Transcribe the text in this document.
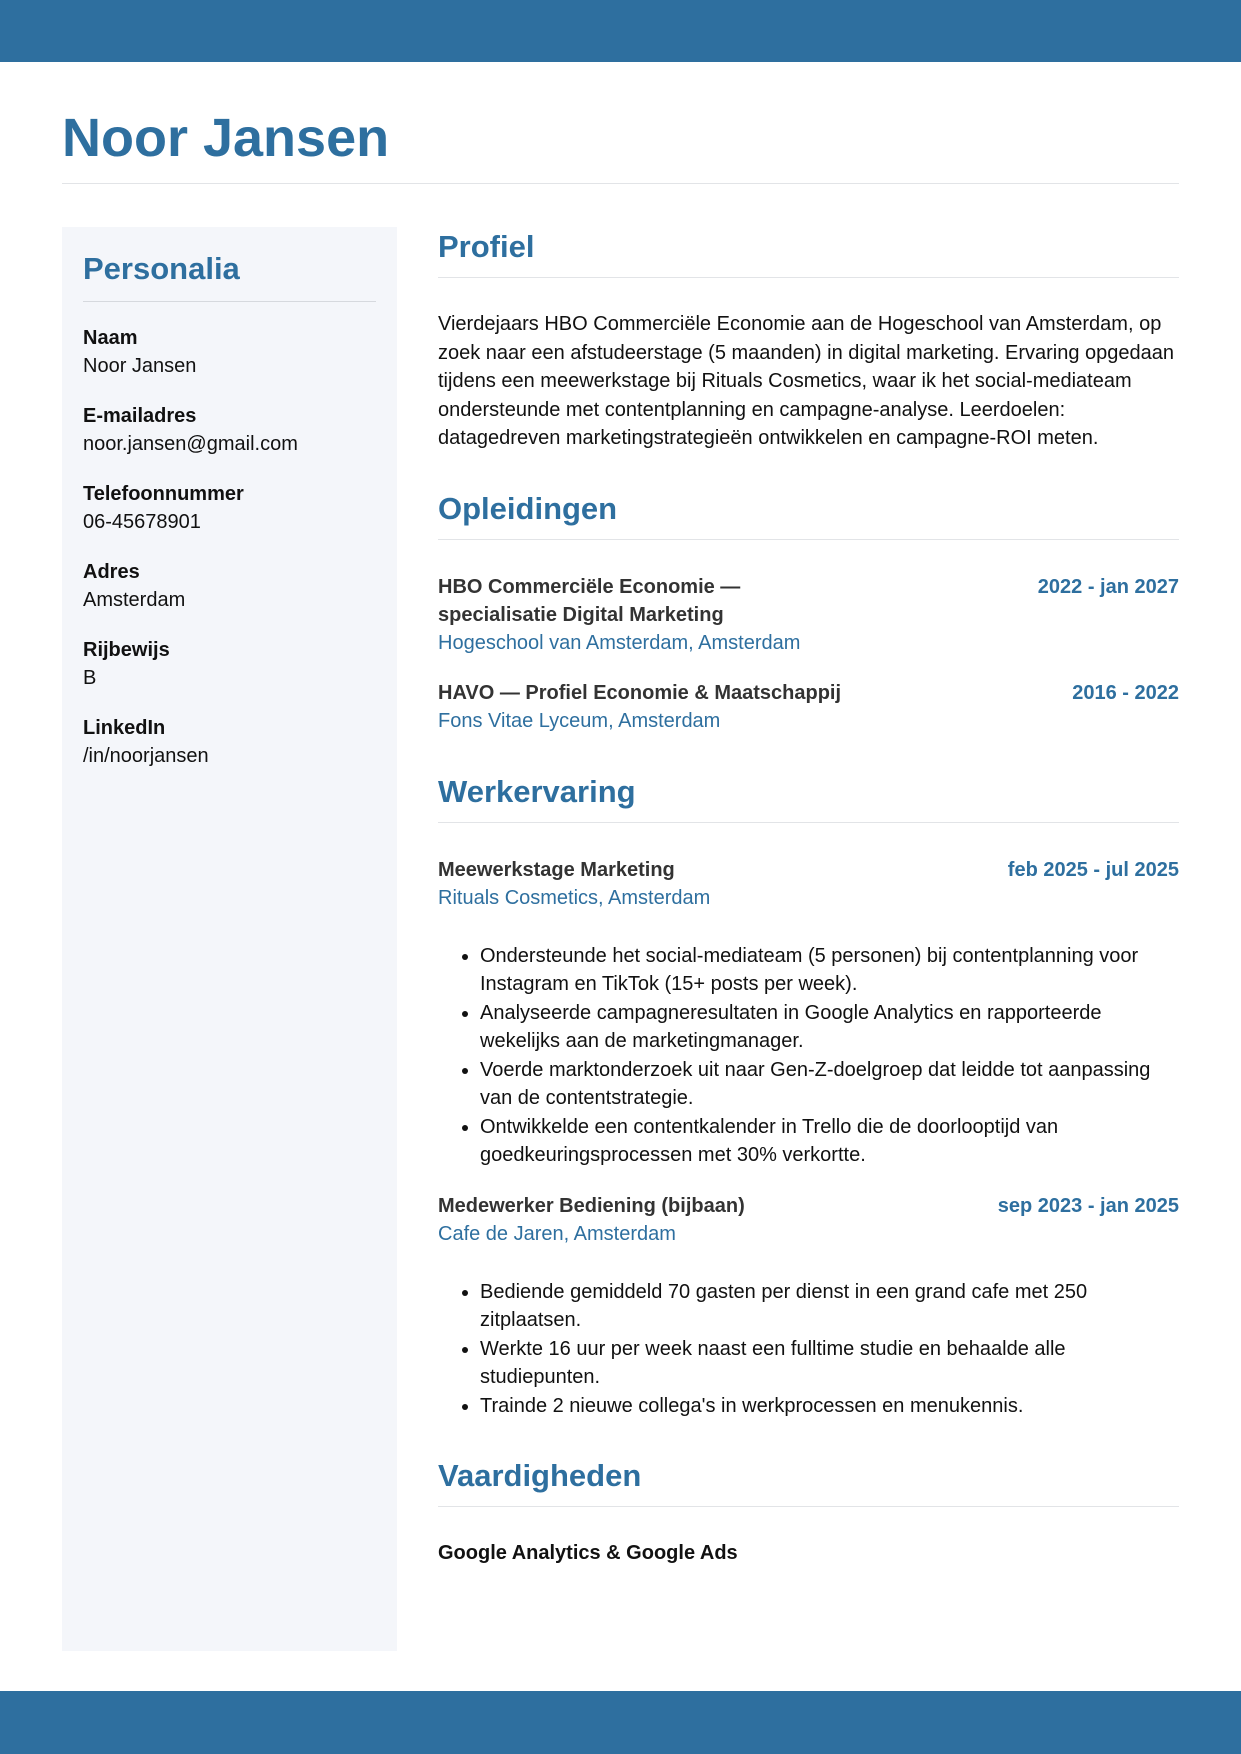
Noor Jansen
Personalia
Naam
Noor Jansen
E-mailadres
noor.jansen@gmail.com
Telefoonnummer
06-45678901
Adres
Amsterdam
Rijbewijs
B
LinkedIn
/in/noorjansen
Profiel

Vierdejaars HBO Commerciële Economie aan de Hogeschool van Amsterdam, op zoek naar een afstudeerstage (5 maanden) in digital marketing. Ervaring opgedaan tijdens een meewerkstage bij Rituals Cosmetics, waar ik het social-mediateam ondersteunde met contentplanning en campagne-analyse. Leerdoelen: datagedreven marketingstrategieën ontwikkelen en campagne-ROI meten.

Opleidingen
HBO Commerciële Economie — specialisatie Digital Marketing
2022 - jan 2027
Hogeschool van Amsterdam, Amsterdam
HAVO — Profiel Economie & Maatschappij	2016 - 2022
Fons Vitae Lyceum, Amsterdam
Werkervaring
Meewerkstage Marketing	feb 2025 - jul 2025
Rituals Cosmetics, Amsterdam
• Ondersteunde het social-mediateam (5 personen) bij contentplanning voor Instagram en TikTok (15+ posts per week).
• Analyseerde campagneresultaten in Google Analytics en rapporteerde wekelijks aan de marketingmanager.
• Voerde marktonderzoek uit naar Gen-Z-doelgroep dat leidde tot aanpassing van de contentstrategie.
• Ontwikkelde een contentkalender in Trello die de doorlooptijd van goedkeuringsprocessen met 30% verkortte.
Medewerker Bediening (bijbaan)	sep 2023 - jan 2025
Cafe de Jaren, Amsterdam
• Bediende gemiddeld 70 gasten per dienst in een grand cafe met 250 zitplaatsen.
• Werkte 16 uur per week naast een fulltime studie en behaalde alle studiepunten.
• Trainde 2 nieuwe collega's in werkprocessen en menukennis.
Vaardigheden
Google Analytics & Google Ads
